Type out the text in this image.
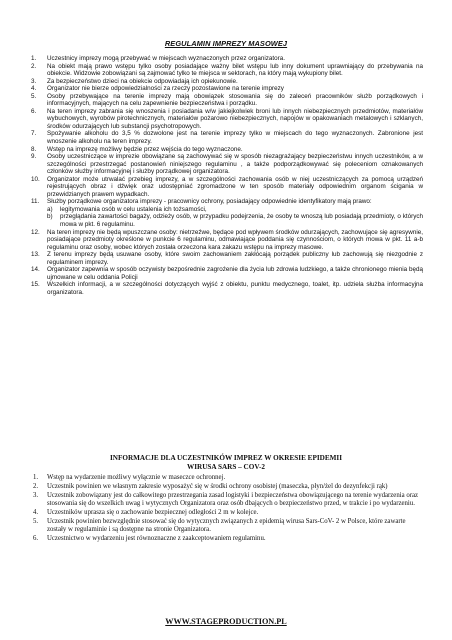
REGULAMIN IMPREZY MASOWEJ
1. Uczestnicy imprezy mogą przebywać w miejscach wyznaczonych przez organizatora.
2. Na obiekt mają prawo wstępu tylko osoby posiadające ważny bilet wstępu lub inny dokument uprawniający do przebywania na obiekcie. Widzowie zobowiązani są zajmować tylko te miejsca w sektorach, na który mają wykupiony bilet.
3. Za bezpieczeństwo dzieci na obiekcie odpowiadają ich opiekunowie.
4. Organizator nie bierze odpowiedzialności za rzeczy pozostawione na terenie imprezy
5. Osoby przebywające na terenie imprezy mają obowiązek stosowania się do zaleceń pracowników służb porządkowych i informacyjnych, mających na celu zapewnienie bezpieczeństwa i porządku.
6. Na teren imprezy zabrania się wnoszenia i posiadania w/w jakiejkolwiek broni lub innych niebezpiecznych przedmiotów, materiałów wybuchowych, wyrobów pirotechnicznych, materiałów pożarowo niebezpiecznych, napojów w opakowaniach metalowych i szklanych, środków odurzających lub substancji psychotropowych.
7. Spożywanie alkoholu do 3,5 % dozwolone jest na terenie imprezy tylko w miejscach do tego wyznaczonych. Zabronione jest wnoszenie alkoholu na teren imprezy.
8. Wstęp na imprezę możliwy będzie przez wejścia do tego wyznaczone.
9. Osoby uczestniczące w imprezie obowiązane są zachowywać się w sposób niezagrażający bezpieczeństwu innych uczestników, a w szczególności przestrzegać postanowień niniejszego regulaminu , a także podporządkowywać się poleceniom oznakowanych członków służby informacyjnej i służby porządkowej organizatora.
10. Organizator może utrwalać przebieg imprezy, a w szczególności zachowania osób w niej uczestniczących za pomocą urządzeń rejestrujących obraz i dźwięk oraz udostępniać zgromadzone w ten sposób materiały odpowiednim organom ścigania w przewidzianych prawem wypadkach.
11. Służby porządkowe organizatora imprezy - pracownicy ochrony, posiadający odpowiednie identyfikatory mają prawo:
a) legitymowania osób w celu ustalenia ich tożsamości,
b) przeglądania zawartości bagaży, odzieży osób, w przypadku podejrzenia, że osoby te wnoszą lub posiadają przedmioty, o których mowa w pkt. 6 regulaminu.
12. Na teren imprezy nie będą wpuszczane osoby: nietrzeźwe, będące pod wpływem środków odurzających, zachowujące się agresywnie, posiadające przedmioty określone w punkcie 6 regulaminu, odmawiające poddania się czynnościom, o których mowa w pkt. 11 a-b regulaminu oraz osoby, wobec których została orzeczona kara zakazu wstępu na imprezy masowe.
13. Z terenu imprezy będą usuwane osoby, które swoim zachowaniem zakłócają porządek publiczny lub zachowują się niezgodnie z regulaminem imprezy.
14. Organizator zapewnia w sposób oczywisty bezpośrednie zagrożenie dla życia lub zdrowia ludzkiego, a także chronionego mienia będą ujmowane w celu oddania Policji
15. Wszelkich informacji, a w szczególności dotyczących wyjść z obiektu, punktu medycznego, toalet, itp. udziela służba informacyjna organizatora.
INFORMACJE DLA UCZESTNIKÓW IMPREZ W OKRESIE EPIDEMII
WIRUSA SARS – COV-2
1. Wstęp na wydarzenie możliwy wyłącznie w maseczce ochronnej.
2. Uczestnik powinien we własnym zakresie wyposażyć się w środki ochrony osobistej (maseczka, płyn/żel do dezynfekcji rąk)
3. Uczestnik zobowiązany jest do całkowitego przestrzegania zasad logistyki i bezpieczeństwa obowiązującego na terenie wydarzenia oraz stosowania się do wszelkich uwag i wytycznych Organizatora oraz osób dbających o bezpieczeństwo przed, w trakcie i po wydarzeniu.
4. Uczestników uprasza się o zachowanie bezpiecznej odległości 2 m w kolejce.
5. Uczestnik powinien bezwzględnie stosować się do wytycznych związanych z epidemią wirusa Sars-CoV- 2 w Polsce, które zawarte zostały w regulaminie i są dostępne na stronie Organizatora.
6. Uczestnictwo w wydarzeniu jest równoznaczne z zaakceptowaniem regulaminu.
WWW.STAGEPRODUCTION.PL
